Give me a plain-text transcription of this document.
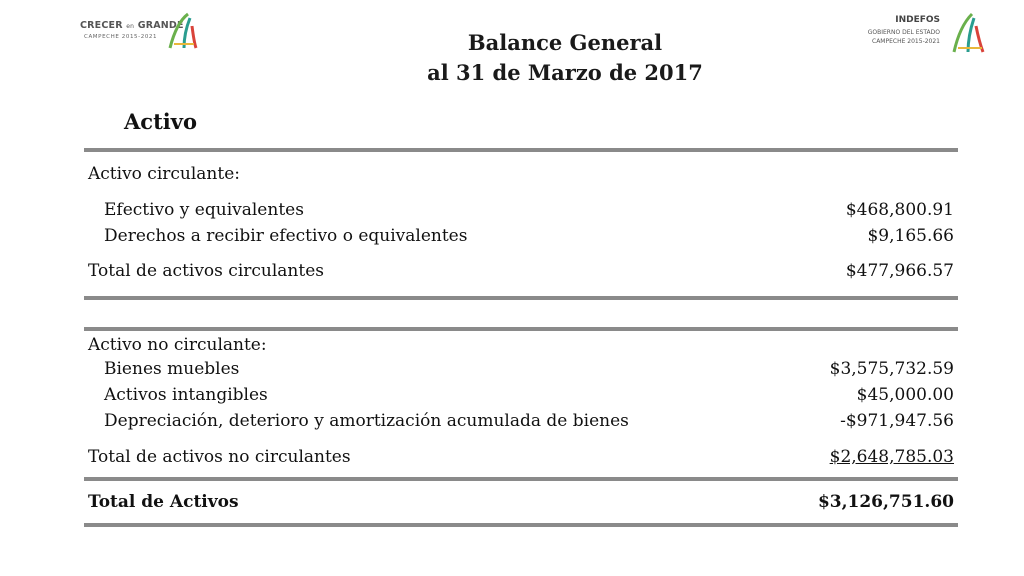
CRECER en GRANDE
CAMPECHE 2015-2021
INDEFOS
GOBIERNO DEL ESTADO
CAMPECHE 2015-2021
Balance General
al 31 de Marzo de 2017
Activo
Activo circulante:
Efectivo y equivalentes	$468,800.91
Derechos a recibir efectivo o equivalentes	$9,165.66
Total de activos circulantes	$477,966.57
Activo no circulante:
Bienes muebles	$3,575,732.59
Activos intangibles	$45,000.00
Depreciación, deterioro y amortización acumulada de bienes	-$971,947.56
Total de activos no circulantes	$2,648,785.03
Total de Activos	$3,126,751.60
